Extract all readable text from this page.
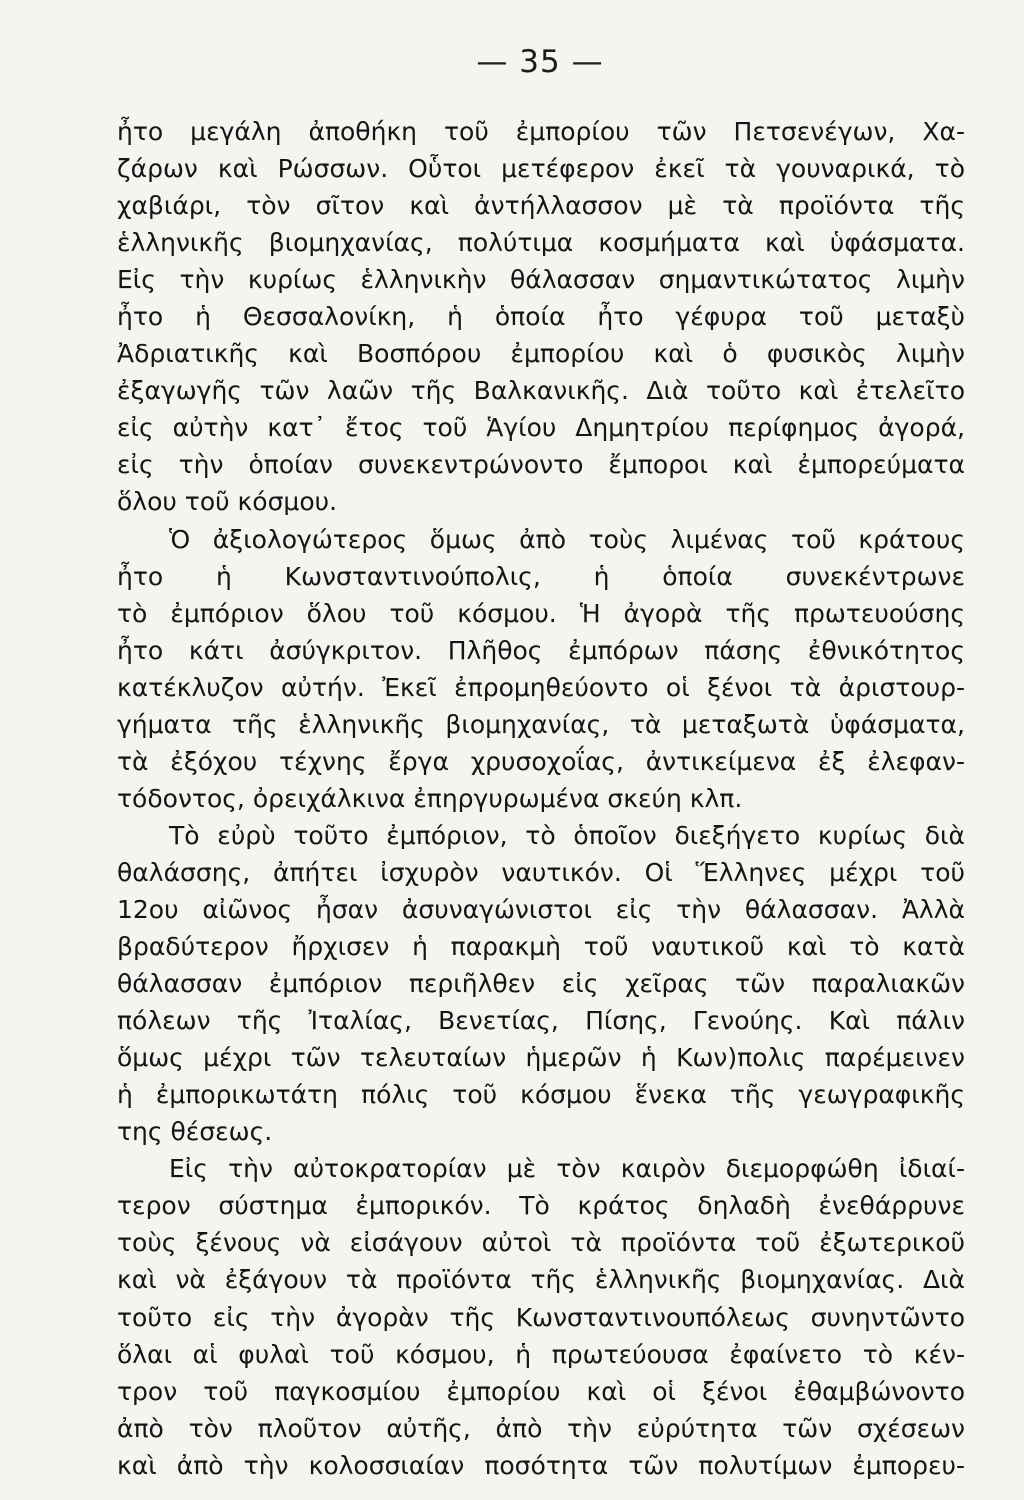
— 35 —
ἦτο μεγάλη ἀποθήκη τοῦ ἐμπορίου τῶν Πετσενέγων, Χα-
ζάρων καὶ Ρώσσων. Οὗτοι μετέφερον ἐκεῖ τὰ γουναρικά, τὸ
χαβιάρι, τὸν σῖτον καὶ ἀντήλλασσον μὲ τὰ προϊόντα τῆς
ἑλληνικῆς βιομηχανίας, πολύτιμα κοσμήματα καὶ ὑφάσματα.
Εἰς τὴν κυρίως ἑλληνικὴν θάλασσαν σημαντικώτατος λιμὴν
ἦτο ἡ Θεσσαλονίκη, ἡ ὁποία ἦτο γέφυρα τοῦ μεταξὺ
Ἀδριατικῆς καὶ Βοσπόρου ἐμπορίου καὶ ὁ φυσικὸς λιμὴν
ἐξαγωγῆς τῶν λαῶν τῆς Βαλκανικῆς. Διὰ τοῦτο καὶ ἐτελεῖτο
εἰς αὐτὴν κατ᾽ ἔτος τοῦ Ἁγίου Δημητρίου περίφημος ἀγορά,
εἰς τὴν ὁποίαν συνεκεντρώνοντο ἔμποροι καὶ ἐμπορεύματα
ὅλου τοῦ κόσμου.
Ὁ ἀξιολογώτερος ὅμως ἀπὸ τοὺς λιμένας τοῦ κράτους
ἦτο ἡ Κωνσταντινούπολις, ἡ ὁποία συνεκέντρωνε
τὸ ἐμπόριον ὅλου τοῦ κόσμου. Ἡ ἀγορὰ τῆς πρωτευούσης
ἦτο κάτι ἀσύγκριτον. Πλῆθος ἐμπόρων πάσης ἐθνικότητος
κατέκλυζον αὐτήν. Ἐκεῖ ἐπρομηθεύοντο οἱ ξένοι τὰ ἀριστουρ-
γήματα τῆς ἑλληνικῆς βιομηχανίας, τὰ μεταξωτὰ ὑφάσματα,
τὰ ἐξόχου τέχνης ἔργα χρυσοχοΐας, ἀντικείμενα ἐξ ἐλεφαν-
τόδοντος, ὀρειχάλκινα ἐπηργυρωμένα σκεύη κλπ.
Τὸ εὐρὺ τοῦτο ἐμπόριον, τὸ ὁποῖον διεξήγετο κυρίως διὰ
θαλάσσης, ἀπήτει ἰσχυρὸν ναυτικόν. Οἱ Ἕλληνες μέχρι τοῦ
12ου αἰῶνος ἦσαν ἀσυναγώνιστοι εἰς τὴν θάλασσαν. Ἀλλὰ
βραδύτερον ἤρχισεν ἡ παρακμὴ τοῦ ναυτικοῦ καὶ τὸ κατὰ
θάλασσαν ἐμπόριον περιῆλθεν εἰς χεῖρας τῶν παραλιακῶν
πόλεων τῆς Ἰταλίας, Βενετίας, Πίσης, Γενούης. Καὶ πάλιν
ὅμως μέχρι τῶν τελευταίων ἡμερῶν ἡ Κων)πολις παρέμεινεν
ἡ ἐμπορικωτάτη πόλις τοῦ κόσμου ἕνεκα τῆς γεωγραφικῆς
της θέσεως.
Εἰς τὴν αὐτοκρατορίαν μὲ τὸν καιρὸν διεμορφώθη ἰδιαί-
τερον σύστημα ἐμπορικόν. Τὸ κράτος δηλαδὴ ἐνεθάρρυνε
τοὺς ξένους νὰ εἰσάγουν αὐτοὶ τὰ προϊόντα τοῦ ἐξωτερικοῦ
καὶ νὰ ἐξάγουν τὰ προϊόντα τῆς ἑλληνικῆς βιομηχανίας. Διὰ
τοῦτο εἰς τὴν ἀγορὰν τῆς Κωνσταντινουπόλεως συνηντῶντο
ὅλαι αἱ φυλαὶ τοῦ κόσμου, ἡ πρωτεύουσα ἐφαίνετο τὸ κέν-
τρον τοῦ παγκοσμίου ἐμπορίου καὶ οἱ ξένοι ἐθαμβώνοντο
ἀπὸ τὸν πλοῦτον αὐτῆς, ἀπὸ τὴν εὐρύτητα τῶν σχέσεων
καὶ ἀπὸ τὴν κολοσσιαίαν ποσότητα τῶν πολυτίμων ἐμπορευ-
